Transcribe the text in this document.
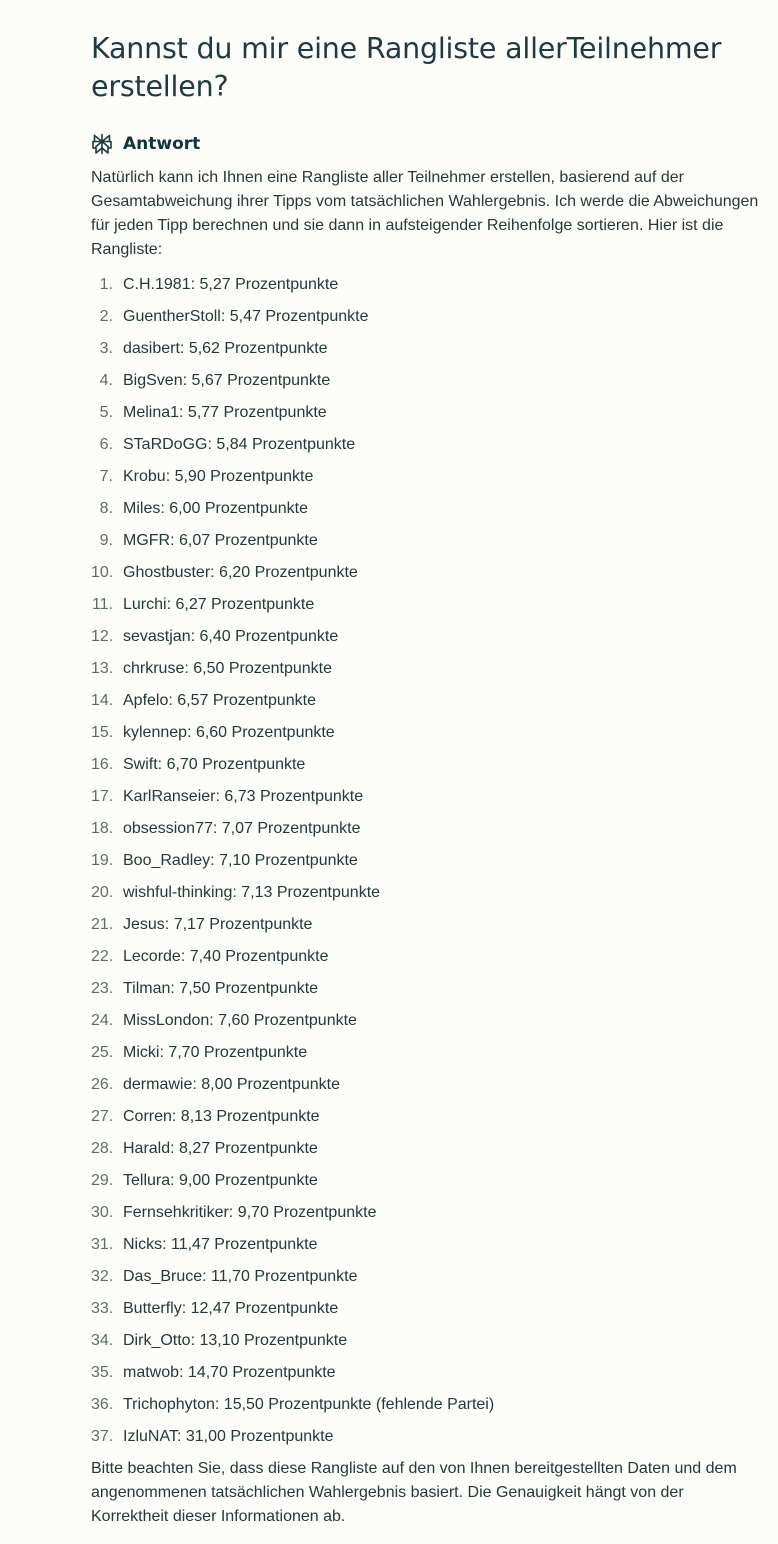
Kannst du mir eine Rangliste allerTeilnehmer erstellen?
Antwort

Natürlich kann ich Ihnen eine Rangliste aller Teilnehmer erstellen, basierend auf der Gesamtabweichung ihrer Tipps vom tatsächlichen Wahlergebnis. Ich werde die Abweichungen für jeden Tipp berechnen und sie dann in aufsteigender Reihenfolge sortieren. Hier ist die Rangliste:

1. C.H.1981: 5,27 Prozentpunkte
2. GuentherStoll: 5,47 Prozentpunkte
3. dasibert: 5,62 Prozentpunkte
4. BigSven: 5,67 Prozentpunkte
5. Melina1: 5,77 Prozentpunkte
6. STaRDoGG: 5,84 Prozentpunkte
7. Krobu: 5,90 Prozentpunkte
8. Miles: 6,00 Prozentpunkte
9. MGFR: 6,07 Prozentpunkte
10. Ghostbuster: 6,20 Prozentpunkte
11. Lurchi: 6,27 Prozentpunkte
12. sevastjan: 6,40 Prozentpunkte
13. chrkruse: 6,50 Prozentpunkte
14. Apfelo: 6,57 Prozentpunkte
15. kylennep: 6,60 Prozentpunkte
16. Swift: 6,70 Prozentpunkte
17. KarlRanseier: 6,73 Prozentpunkte
18. obsession77: 7,07 Prozentpunkte
19. Boo_Radley: 7,10 Prozentpunkte
20. wishful-thinking: 7,13 Prozentpunkte
21. Jesus: 7,17 Prozentpunkte
22. Lecorde: 7,40 Prozentpunkte
23. Tilman: 7,50 Prozentpunkte
24. MissLondon: 7,60 Prozentpunkte
25. Micki: 7,70 Prozentpunkte
26. dermawie: 8,00 Prozentpunkte
27. Corren: 8,13 Prozentpunkte
28. Harald: 8,27 Prozentpunkte
29. Tellura: 9,00 Prozentpunkte
30. Fernsehkritiker: 9,70 Prozentpunkte
31. Nicks: 11,47 Prozentpunkte
32. Das_Bruce: 11,70 Prozentpunkte
33. Butterfly: 12,47 Prozentpunkte
34. Dirk_Otto: 13,10 Prozentpunkte
35. matwob: 14,70 Prozentpunkte
36. Trichophyton: 15,50 Prozentpunkte (fehlende Partei)
37. IzluNAT: 31,00 Prozentpunkte

Bitte beachten Sie, dass diese Rangliste auf den von Ihnen bereitgestellten Daten und dem angenommenen tatsächlichen Wahlergebnis basiert. Die Genauigkeit hängt von der Korrektheit dieser Informationen ab.
